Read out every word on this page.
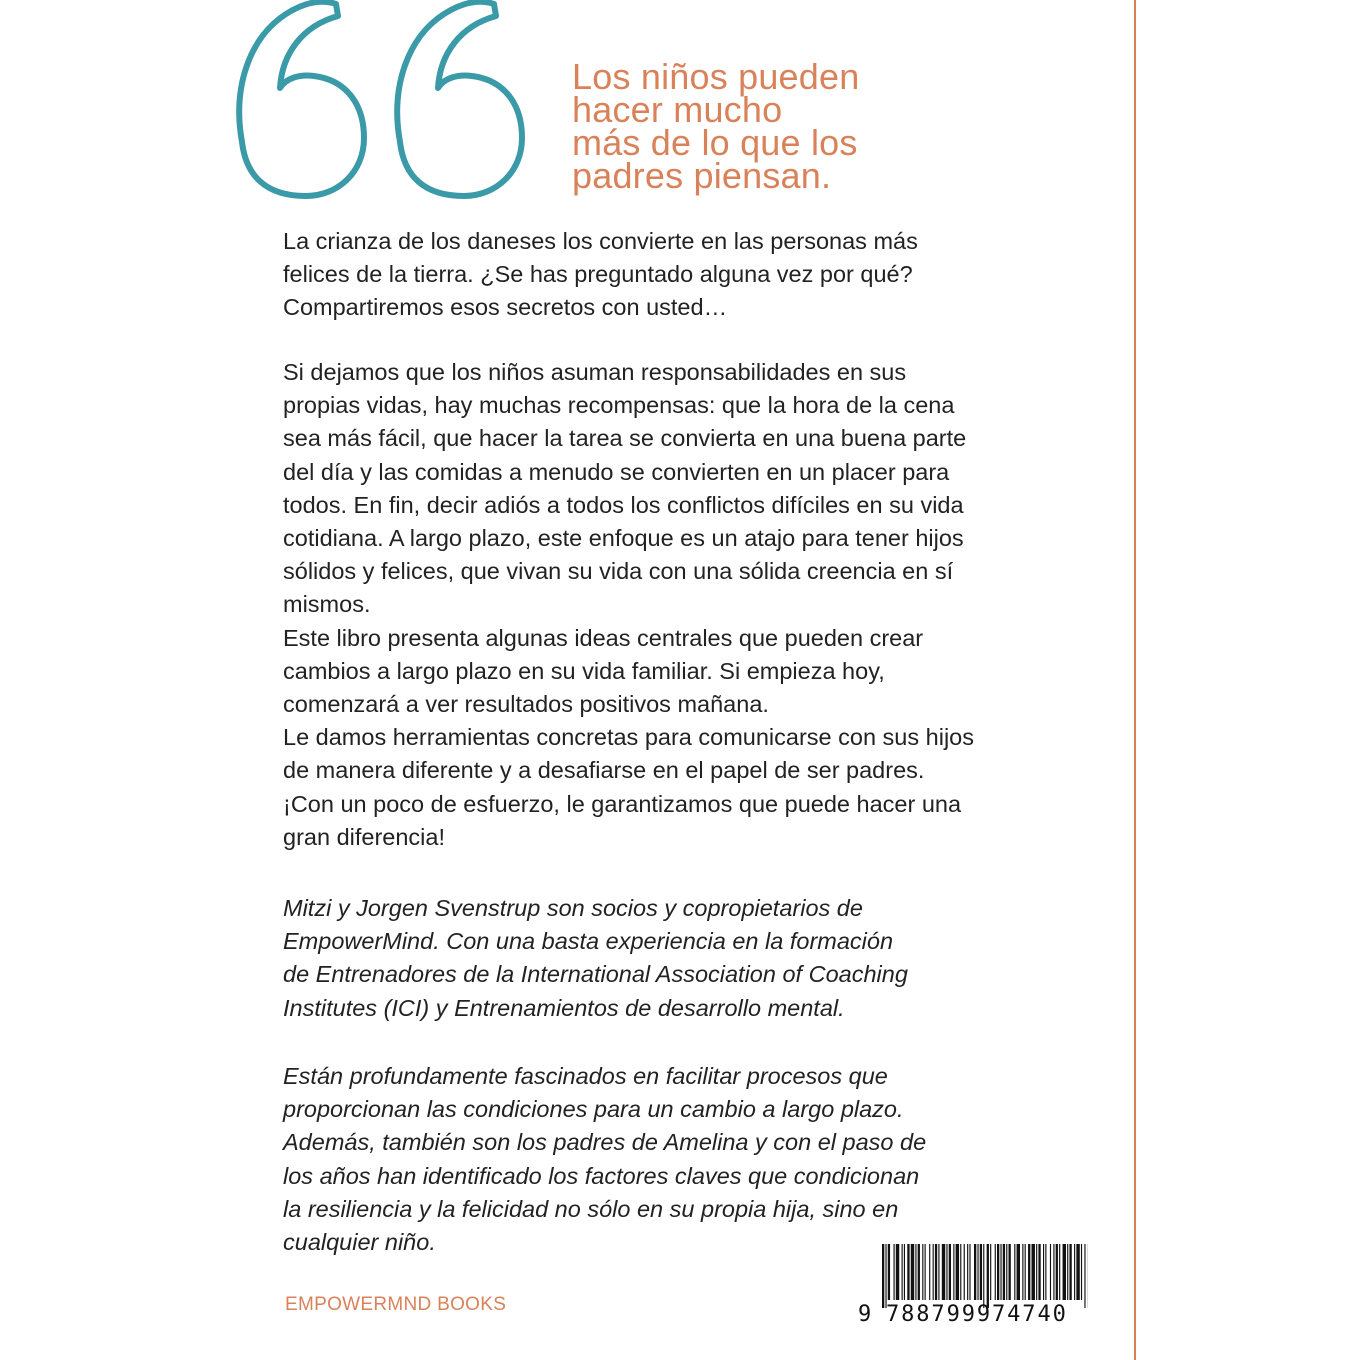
Los niños pueden
hacer mucho
más de lo que los
padres piensan.
La crianza de los daneses los convierte en las personas más
felices de la tierra. ¿Se has preguntado alguna vez por qué?
Compartiremos esos secretos con usted…
Si dejamos que los niños asuman responsabilidades en sus
propias vidas, hay muchas recompensas: que la hora de la cena
sea más fácil, que hacer la tarea se convierta en una buena parte
del día y las comidas a menudo se convierten en un placer para
todos. En fin, decir adiós a todos los conflictos difíciles en su vida
cotidiana. A largo plazo, este enfoque es un atajo para tener hijos
sólidos y felices, que vivan su vida con una sólida creencia en sí
mismos.
Este libro presenta algunas ideas centrales que pueden crear
cambios a largo plazo en su vida familiar. Si empieza hoy,
comenzará a ver resultados positivos mañana.
Le damos herramientas concretas para comunicarse con sus hijos
de manera diferente y a desafiarse en el papel de ser padres.
¡Con un poco de esfuerzo, le garantizamos que puede hacer una
gran diferencia!
Mitzi y Jorgen Svenstrup son socios y copropietarios de
EmpowerMind. Con una basta experiencia en la formación
de Entrenadores de la International Association of Coaching
Institutes (ICI) y Entrenamientos de desarrollo mental.
Están profundamente fascinados en facilitar procesos que
proporcionan las condiciones para un cambio a largo plazo.
Además, también son los padres de Amelina y con el paso de
los años han identificado los factores claves que condicionan
la resiliencia y la felicidad no sólo en su propia hija, sino en
cualquier niño.
EMPOWERMND BOOKS	9 788799974740
